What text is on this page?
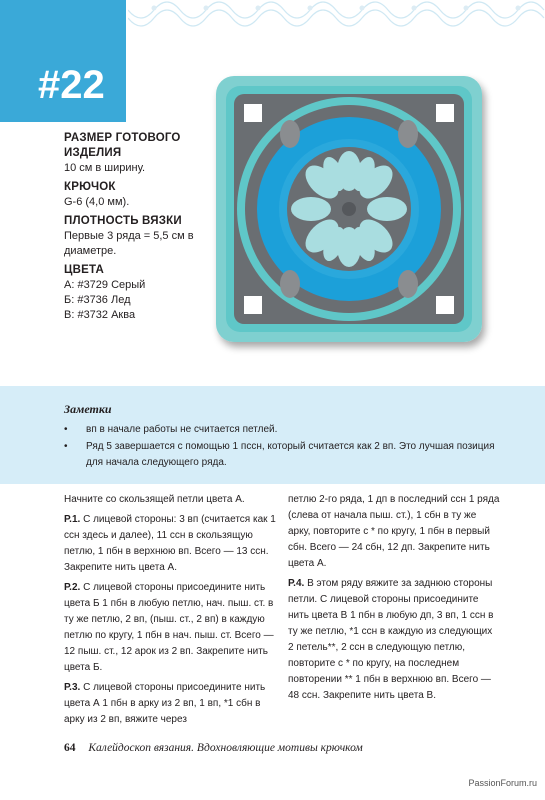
#22
РАЗМЕР ГОТОВОГО ИЗДЕЛИЯ
10 см в ширину.
КРЮЧОК
G-6 (4,0 мм).
ПЛОТНОСТЬ ВЯЗКИ
Первые 3 ряда = 5,5 см в диаметре.
ЦВЕТА
А: #3729 Серый
Б: #3736 Лед
В: #3732 Аква
Заметки
•	вп в начале работы не считается петлей.
•	Ряд 5 завершается с помощью 1 пссн, который считается как 2 вп. Это лучшая позиция для начала следующего ряда.

Начните со скользящей петли цвета А.

Р.1. С лицевой стороны: 3 вп (считается как 1 ссн здесь и далее), 11 ссн в скользящую петлю, 1 пбн в верхнюю вп. Всего — 13 ссн. Закрепите нить цвета А.

Р.2. С лицевой стороны присоедините нить цвета Б 1 пбн в любую петлю, нач. пыш. ст. в ту же петлю, 2 вп, (пыш. ст., 2 вп) в каждую петлю по кругу, 1 пбн в нач. пыш. ст. Всего — 12 пыш. ст., 12 арок из 2 вп. Закрепите нить цвета Б.

Р.3. С лицевой стороны присоедините нить цвета А 1 пбн в арку из 2 вп, 1 вп, *1 сбн в арку из 2 вп, вяжите через

петлю 2-го ряда, 1 дп в последний ссн 1 ряда (слева от начала пыш. ст.), 1 сбн в ту же арку, повторите с * по кругу, 1 пбн в первый сбн. Всего — 24 сбн, 12 дп. Закрепите нить цвета А.

Р.4. В этом ряду вяжите за заднюю стороны петли. С лицевой стороны присоедините нить цвета В 1 пбн в любую дп, 3 вп, 1 ссн в ту же петлю, *1 ссн в каждую из следующих 2 петель**, 2 ссн в следующую петлю, повторите с * по кругу, на последнем повторении ** 1 пбн в верхнюю вп. Всего — 48 ссн. Закрепите нить цвета В.

64 Калейдоскоп вязания. Вдохновляющие мотивы крючком
PassionForum.ru
